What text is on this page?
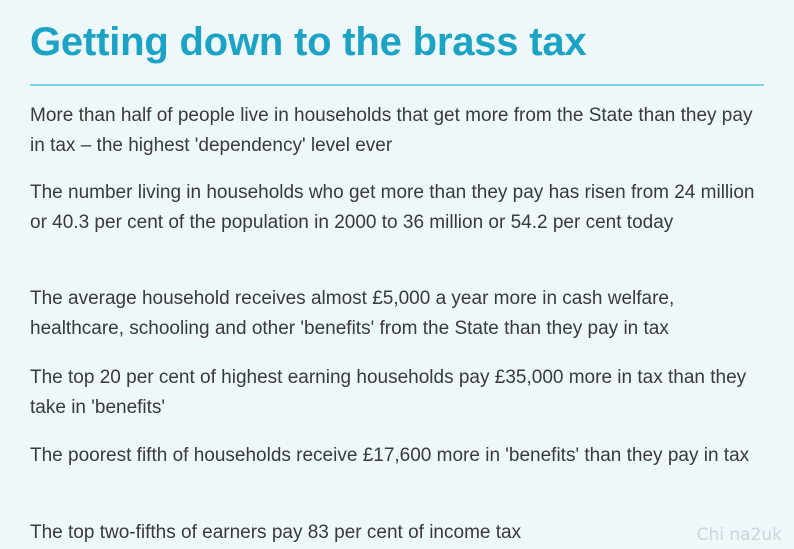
Getting down to the brass tax
More than half of people live in households that get more from the State than they pay in tax – the highest 'dependency' level ever
The number living in households who get more than they pay has risen from 24 million or 40.3 per cent of the population in 2000 to 36 million or 54.2 per cent today
The average household receives almost £5,000 a year more in cash welfare, healthcare, schooling and other 'benefits' from the State than they pay in tax
The top 20 per cent of highest earning households pay £35,000 more in tax than they take in 'benefits'
The poorest fifth of households receive £17,600 more in 'benefits' than they pay in tax
The top two-fifths of earners pay 83 per cent of income tax	Chi na2uk
